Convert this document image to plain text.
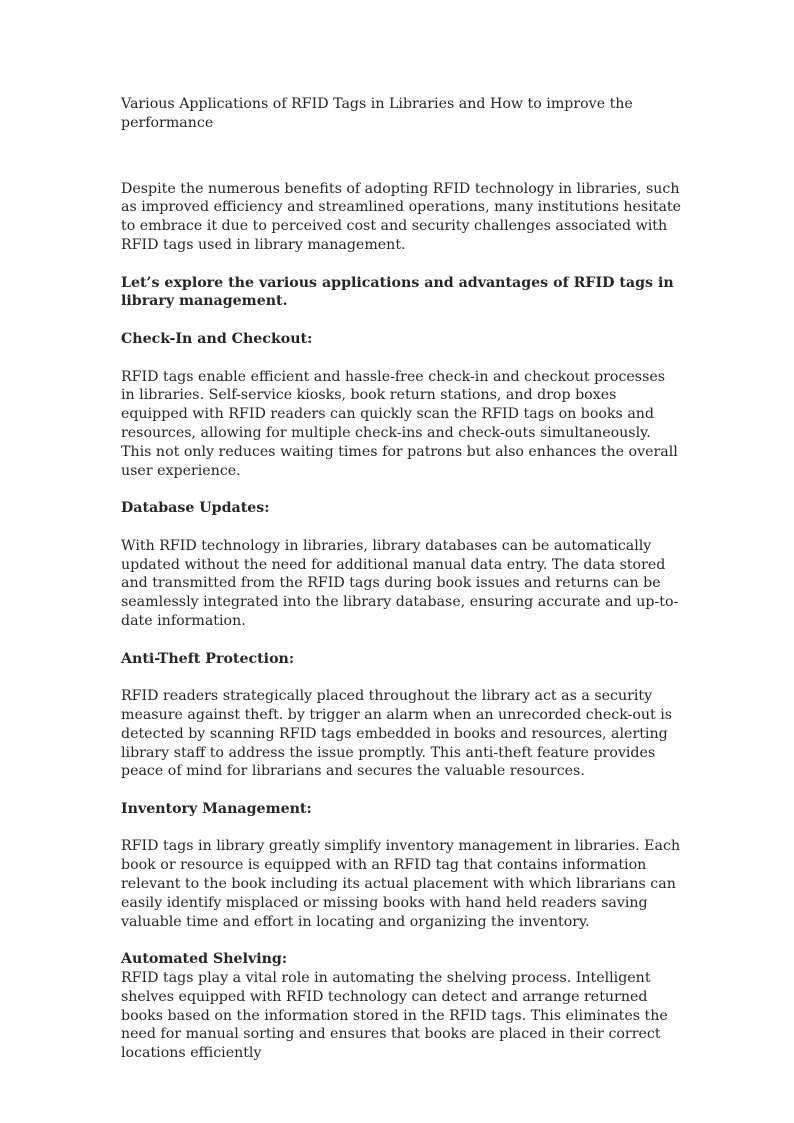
Various Applications of RFID Tags in Libraries and How to improve the performance

Despite the numerous benefits of adopting RFID technology in libraries, such as improved efficiency and streamlined operations, many institutions hesitate to embrace it due to perceived cost and security challenges associated with RFID tags used in library management.

Let’s explore the various applications and advantages of RFID tags in library management.

Check-In and Checkout:

RFID tags enable efficient and hassle-free check-in and checkout processes in libraries. Self-service kiosks, book return stations, and drop boxes equipped with RFID readers can quickly scan the RFID tags on books and resources, allowing for multiple check-ins and check-outs simultaneously. This not only reduces waiting times for patrons but also enhances the overall user experience.

Database Updates:

With RFID technology in libraries, library databases can be automatically updated without the need for additional manual data entry. The data stored and transmitted from the RFID tags during book issues and returns can be seamlessly integrated into the library database, ensuring accurate and up-to-date information.

Anti-Theft Protection:

RFID readers strategically placed throughout the library act as a security measure against theft. by trigger an alarm when an unrecorded check-out is detected by scanning RFID tags embedded in books and resources, alerting library staff to address the issue promptly. This anti-theft feature provides peace of mind for librarians and secures the valuable resources.

Inventory Management:

RFID tags in library greatly simplify inventory management in libraries. Each book or resource is equipped with an RFID tag that contains information relevant to the book including its actual placement with which librarians can easily identify misplaced or missing books with hand held readers saving valuable time and effort in locating and organizing the inventory.

Automated Shelving:

RFID tags play a vital role in automating the shelving process. Intelligent shelves equipped with RFID technology can detect and arrange returned books based on the information stored in the RFID tags. This eliminates the need for manual sorting and ensures that books are placed in their correct locations efficiently
